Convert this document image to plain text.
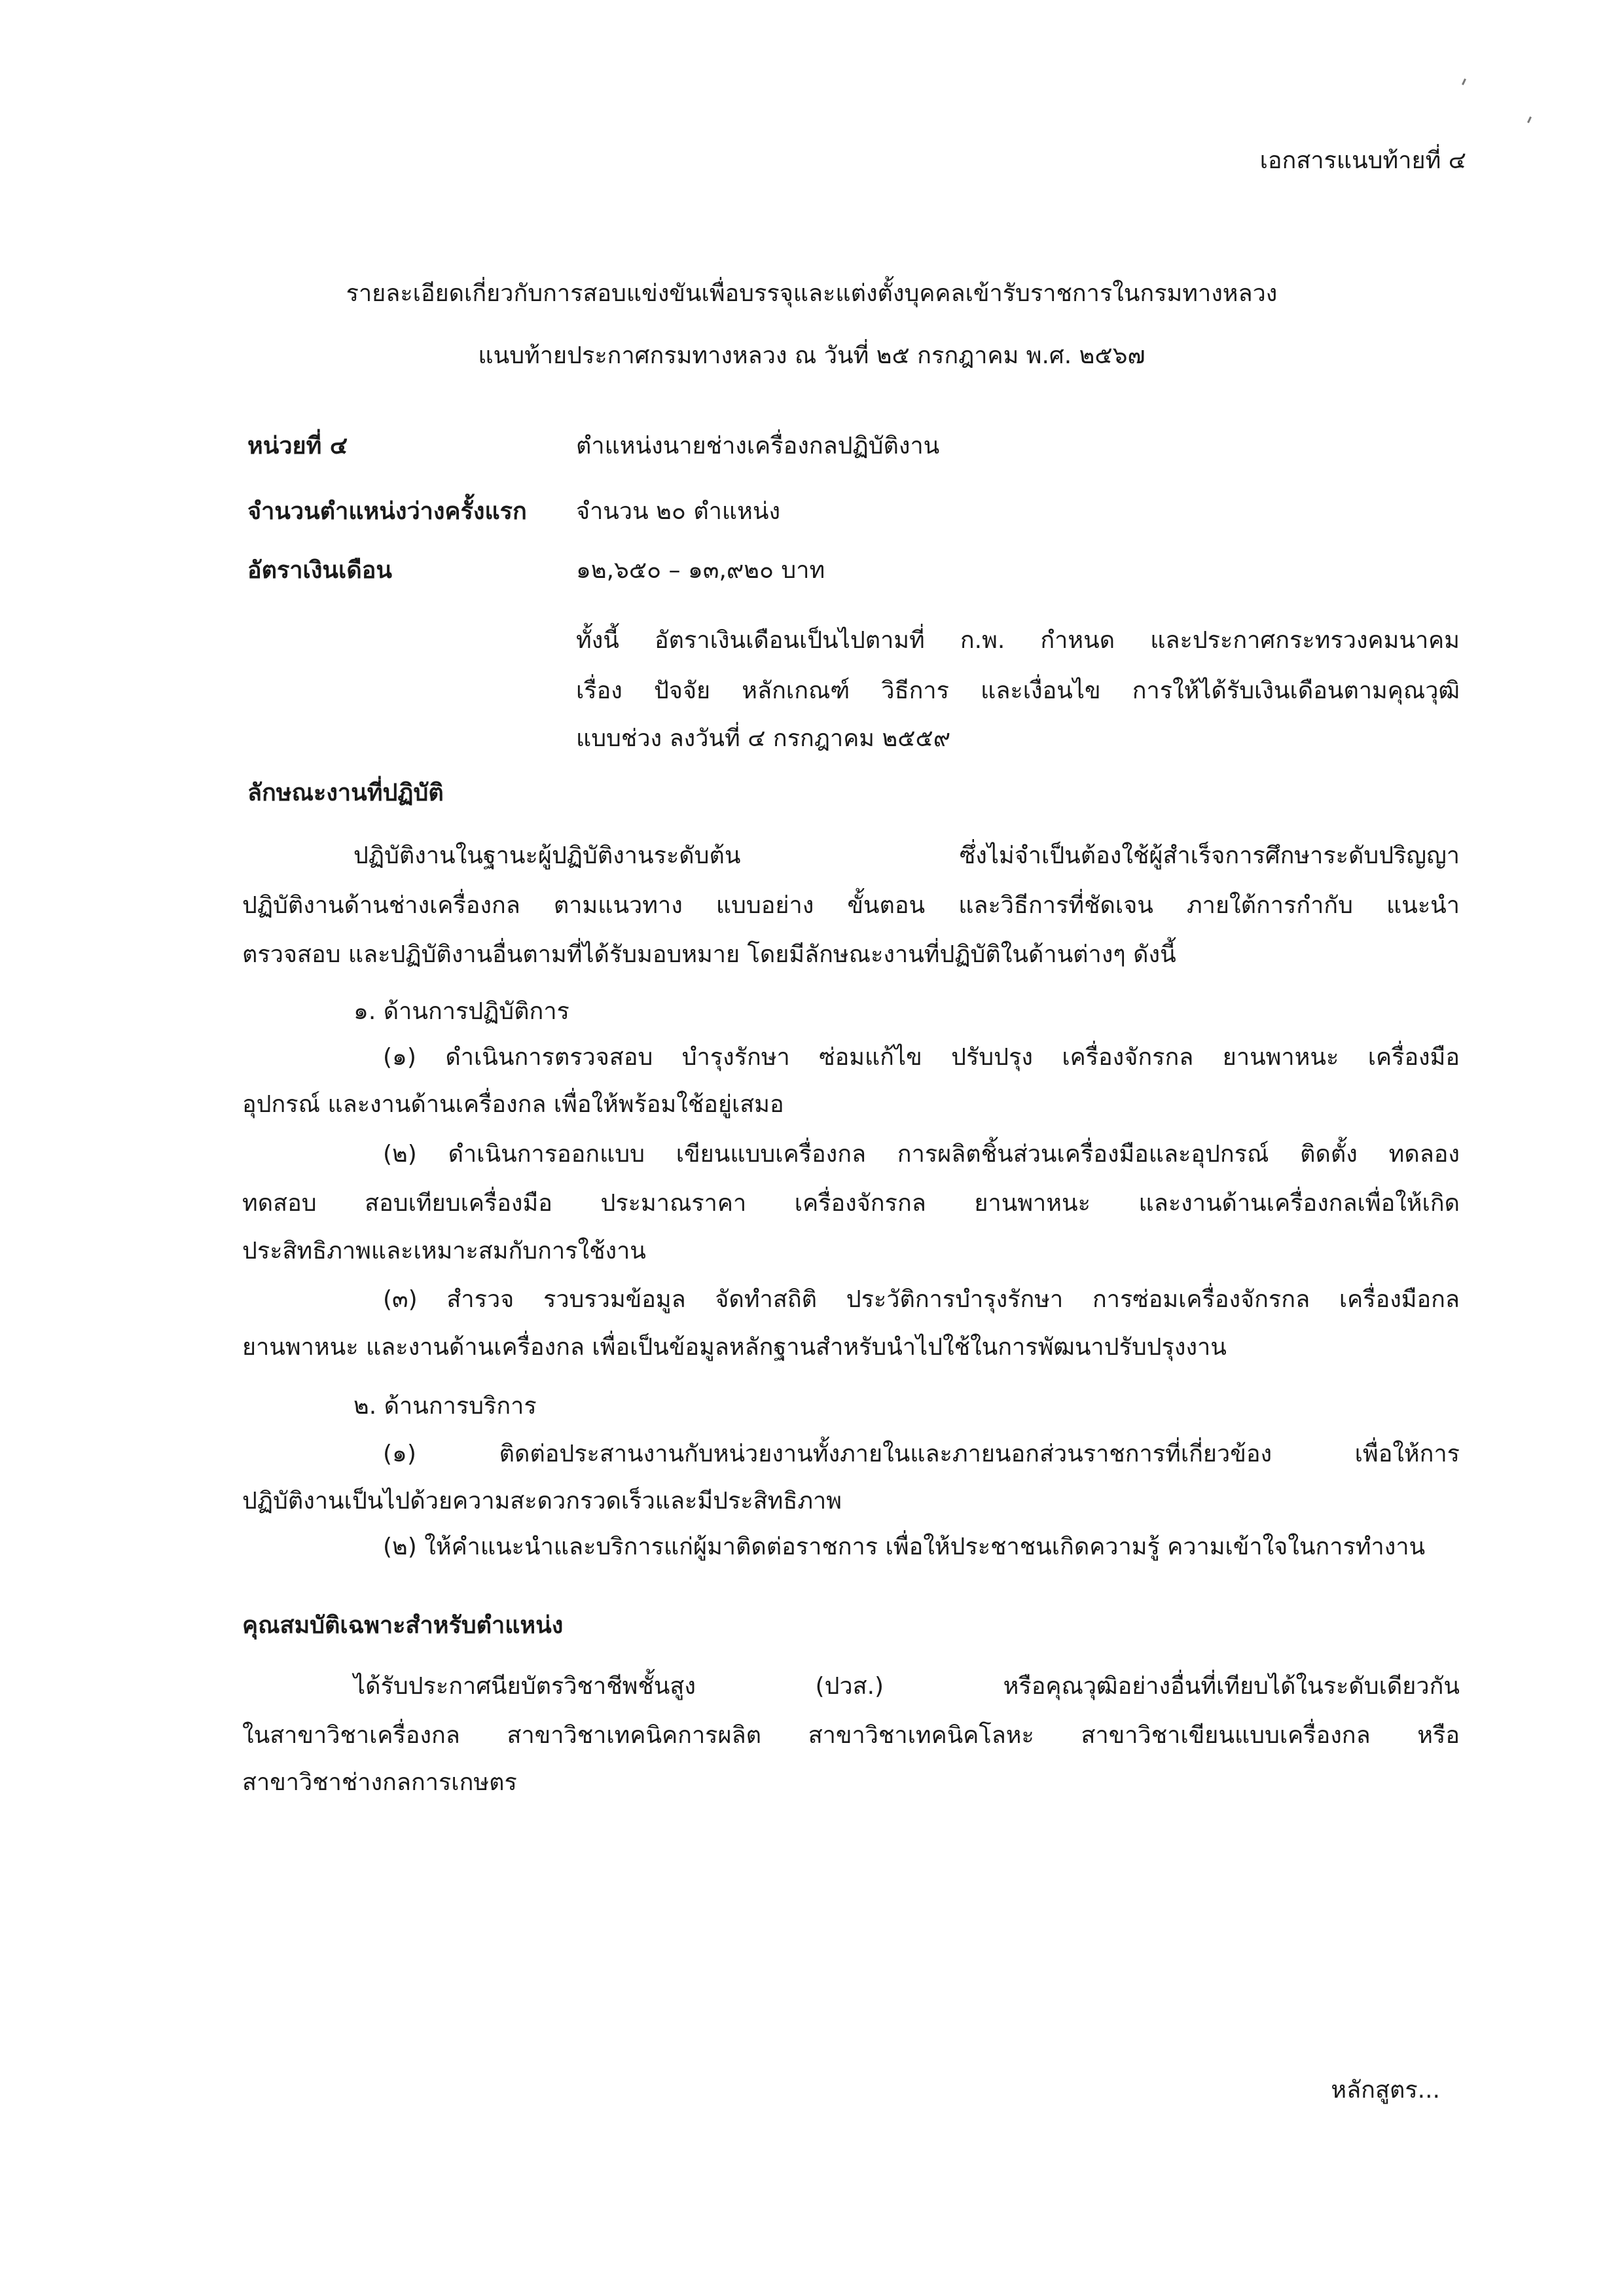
เอกสารแนบท้ายที่ ๔
รายละเอียดเกี่ยวกับการสอบแข่งขันเพื่อบรรจุและแต่งตั้งบุคคลเข้ารับราชการในกรมทางหลวง
แนบท้ายประกาศกรมทางหลวง ณ วันที่ ๒๕ กรกฎาคม พ.ศ. ๒๕๖๗
หน่วยที่ ๔	ตำแหน่งนายช่างเครื่องกลปฏิบัติงาน
จำนวนตำแหน่งว่างครั้งแรก จำนวน ๒๐ ตำแหน่ง
อัตราเงินเดือน	๑๒,๖๕๐ – ๑๓,๙๒๐ บาท
ทั้งนี้ อัตราเงินเดือนเป็นไปตามที่ ก.พ. กำหนด และประกาศกระทรวงคมนาคม
เรื่อง ปัจจัย หลักเกณฑ์ วิธีการ และเงื่อนไข การให้ได้รับเงินเดือนตามคุณวุฒิ
แบบช่วง ลงวันที่ ๔ กรกฎาคม ๒๕๕๙
ลักษณะงานที่ปฏิบัติ
ปฏิบัติงานในฐานะผู้ปฏิบัติงานระดับต้น ซึ่งไม่จำเป็นต้องใช้ผู้สำเร็จการศึกษาระดับปริญญา
ปฏิบัติงานด้านช่างเครื่องกล ตามแนวทาง แบบอย่าง ขั้นตอน และวิธีการที่ชัดเจน ภายใต้การกำกับ แนะนำ
ตรวจสอบ และปฏิบัติงานอื่นตามที่ได้รับมอบหมาย โดยมีลักษณะงานที่ปฏิบัติในด้านต่างๆ ดังนี้
๑. ด้านการปฏิบัติการ
(๑) ดำเนินการตรวจสอบ บำรุงรักษา ซ่อมแก้ไข ปรับปรุง เครื่องจักรกล ยานพาหนะ เครื่องมือ
อุปกรณ์ และงานด้านเครื่องกล เพื่อให้พร้อมใช้อยู่เสมอ
(๒) ดำเนินการออกแบบ เขียนแบบเครื่องกล การผลิตชิ้นส่วนเครื่องมือและอุปกรณ์ ติดตั้ง ทดลอง
ทดสอบ สอบเทียบเครื่องมือ ประมาณราคา เครื่องจักรกล ยานพาหนะ และงานด้านเครื่องกลเพื่อให้เกิด
ประสิทธิภาพและเหมาะสมกับการใช้งาน
(๓) สำรวจ รวบรวมข้อมูล จัดทำสถิติ ประวัติการบำรุงรักษา การซ่อมเครื่องจักรกล เครื่องมือกล
ยานพาหนะ และงานด้านเครื่องกล เพื่อเป็นข้อมูลหลักฐานสำหรับนำไปใช้ในการพัฒนาปรับปรุงงาน
๒. ด้านการบริการ
(๑) ติดต่อประสานงานกับหน่วยงานทั้งภายในและภายนอกส่วนราชการที่เกี่ยวข้อง เพื่อให้การ
ปฏิบัติงานเป็นไปด้วยความสะดวกรวดเร็วและมีประสิทธิภาพ
(๒) ให้คำแนะนำและบริการแก่ผู้มาติดต่อราชการ เพื่อให้ประชาชนเกิดความรู้ ความเข้าใจในการทำงาน
คุณสมบัติเฉพาะสำหรับตำแหน่ง
ได้รับประกาศนียบัตรวิชาชีพชั้นสูง (ปวส.) หรือคุณวุฒิอย่างอื่นที่เทียบได้ในระดับเดียวกัน
ในสาขาวิชาเครื่องกล สาขาวิชาเทคนิคการผลิต สาขาวิชาเทคนิคโลหะ สาขาวิชาเขียนแบบเครื่องกล หรือ
สาขาวิชาช่างกลการเกษตร
หลักสูตร...
